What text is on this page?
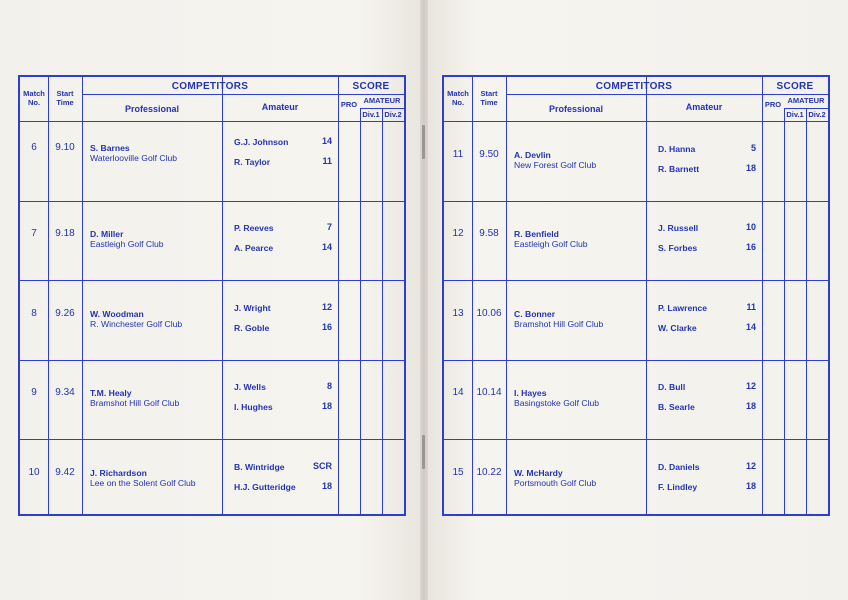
Match
No.
Start
Time
COMPETITORS
Professional	Amateur
SCORE
PRO AMATEUR
Div.1 Div.2
6	9.10	S. Barnes
Waterlooville Golf Club
G.J. Johnson	14
R. Taylor	11
7	9.18	D. Miller
Eastleigh Golf Club
P. Reeves	7
A. Pearce	14
8	9.26	W. Woodman
R. Winchester Golf Club
J. Wright	12
R. Goble	16
9	9.34	T.M. Healy
Bramshot Hill Golf Club
J. Wells	8
I. Hughes	18
10	9.42	J. Richardson
Lee on the Solent Golf Club
B. Wintridge	SCR
H.J. Gutteridge	18
Match
No.
Start
Time
COMPETITORS
Professional	Amateur
SCORE
PRO AMATEUR
Div.1 Div.2
11	9.50	A. Devlin
New Forest Golf Club
D. Hanna	5
R. Barnett	18
12	9.58	R. Benfield
Eastleigh Golf Club
J. Russell	10
S. Forbes	16
13	10.06	C. Bonner
Bramshot Hill Golf Club
P. Lawrence	11
W. Clarke	14
14	10.14	I. Hayes
Basingstoke Golf Club
D. Bull	12
B. Searle	18
15	10.22	W. McHardy
Portsmouth Golf Club
D. Daniels	12
F. Lindley	18
